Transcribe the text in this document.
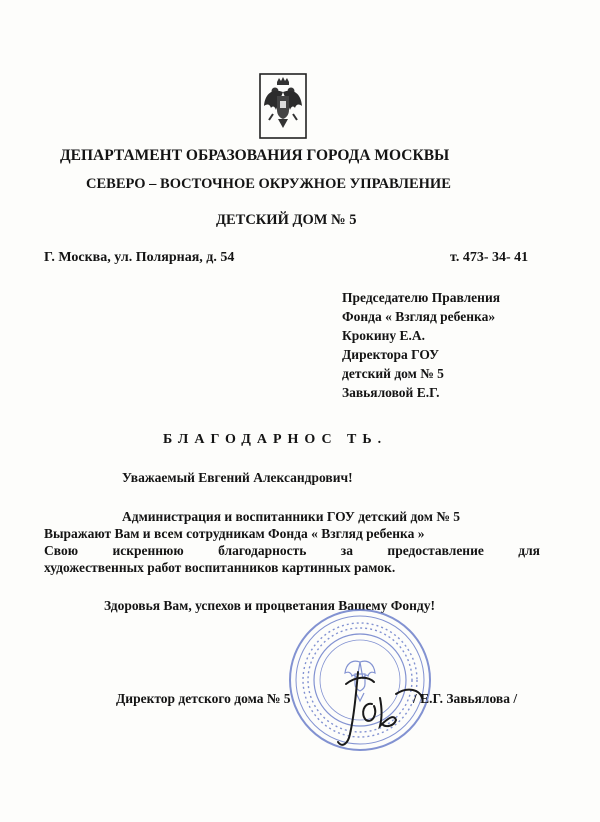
ДЕПАРТАМЕНТ ОБРАЗОВАНИЯ ГОРОДА МОСКВЫ
СЕВЕРО – ВОСТОЧНОЕ ОКРУЖНОЕ УПРАВЛЕНИЕ
ДЕТСКИЙ ДОМ № 5
Г. Москва, ул. Полярная, д. 54	т. 473- 34- 41
Председателю Правления
Фонда « Взгляд ребенка»
Крокину Е.А.
Директора ГОУ
детский дом № 5
Завьяловой Е.Г.
БЛАГОДАРНОС ТЬ.
Уважаемый Евгений Александрович!
Администрация и воспитанники ГОУ детский дом № 5
Выражают Вам и всем сотрудникам Фонда « Взгляд ребенка »
Свою искреннюю благодарность за предоставление для
художественных работ воспитанников картинных рамок.
Здоровья Вам, успехов и процветания Вашему Фонду!
Директор детского дома № 5	/ Е.Г. Завьялова /
